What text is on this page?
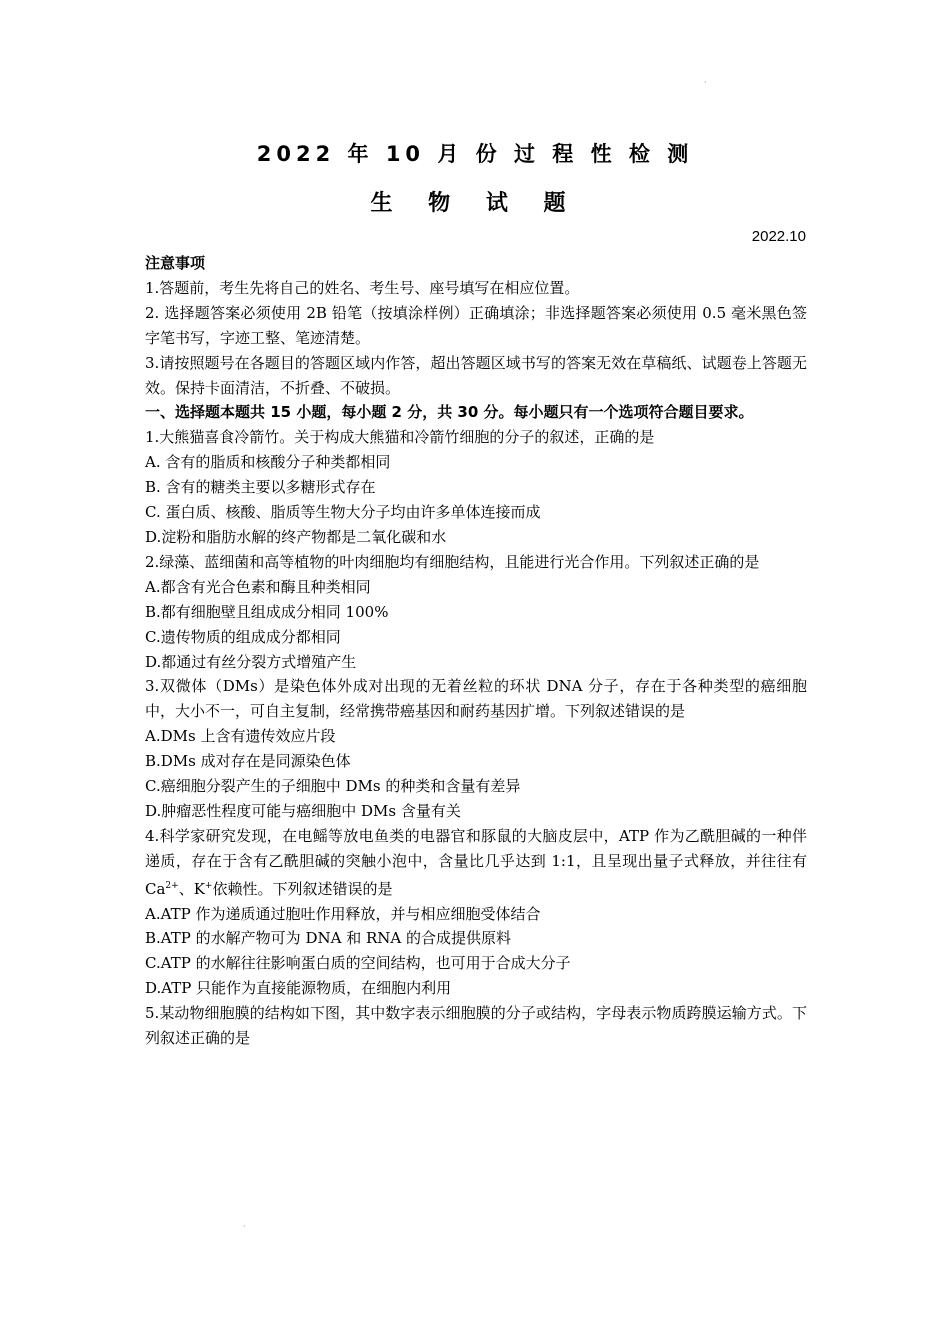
2022 年 10 月 份 过 程 性 检 测
生 物 试 题
2022.10

注意事项

1.答题前，考生先将自己的姓名、考生号、座号填写在相应位置。

2. 选择题答案必须使用 2B 铅笔（按填涂样例）正确填涂；非选择题答案必须使用 0.5 毫米黑色签字笔书写，字迹工整、笔迹清楚。

3.请按照题号在各题目的答题区域内作答，超出答题区域书写的答案无效在草稿纸、试题卷上答题无效。保持卡面清洁，不折叠、不破损。

一、选择题本题共 15 小题，每小题 2 分，共 30 分。每小题只有一个选项符合题目要求。

1.大熊猫喜食冷箭竹。关于构成大熊猫和冷箭竹细胞的分子的叙述，正确的是

A. 含有的脂质和核酸分子种类都相同

B. 含有的糖类主要以多糖形式存在

C. 蛋白质、核酸、脂质等生物大分子均由许多单体连接而成

D.淀粉和脂肪水解的终产物都是二氧化碳和水

2.绿藻、蓝细菌和高等植物的叶肉细胞均有细胞结构，且能进行光合作用。下列叙述正确的是

A.都含有光合色素和酶且种类相同

B.都有细胞壁且组成成分相同 100%

C.遗传物质的组成成分都相同

D.都通过有丝分裂方式增殖产生

3.双微体（DMs）是染色体外成对出现的无着丝粒的环状 DNA 分子，存在于各种类型的癌细胞中，大小不一，可自主复制，经常携带癌基因和耐药基因扩增。下列叙述错误的是

A.DMs 上含有遗传效应片段

B.DMs 成对存在是同源染色体

C.癌细胞分裂产生的子细胞中 DMs 的种类和含量有差异

D.肿瘤恶性程度可能与癌细胞中 DMs 含量有关

4.科学家研究发现，在电鳐等放电鱼类的电器官和豚鼠的大脑皮层中，ATP 作为乙酰胆碱的一种伴递质，存在于含有乙酰胆碱的突触小泡中，含量比几乎达到 1:1，且呈现出量子式释放，并往往有 $Ca^{2+}$、K+依赖性。下列叙述错误的是

A.ATP 作为递质通过胞吐作用释放，并与相应细胞受体结合

B.ATP 的水解产物可为 DNA 和 RNA 的合成提供原料

C.ATP 的水解往往影响蛋白质的空间结构，也可用于合成大分子

D.ATP 只能作为直接能源物质，在细胞内利用

5.某动物细胞膜的结构如下图，其中数字表示细胞膜的分子或结构，字母表示物质跨膜运输方式。下列叙述正确的是

·
·
